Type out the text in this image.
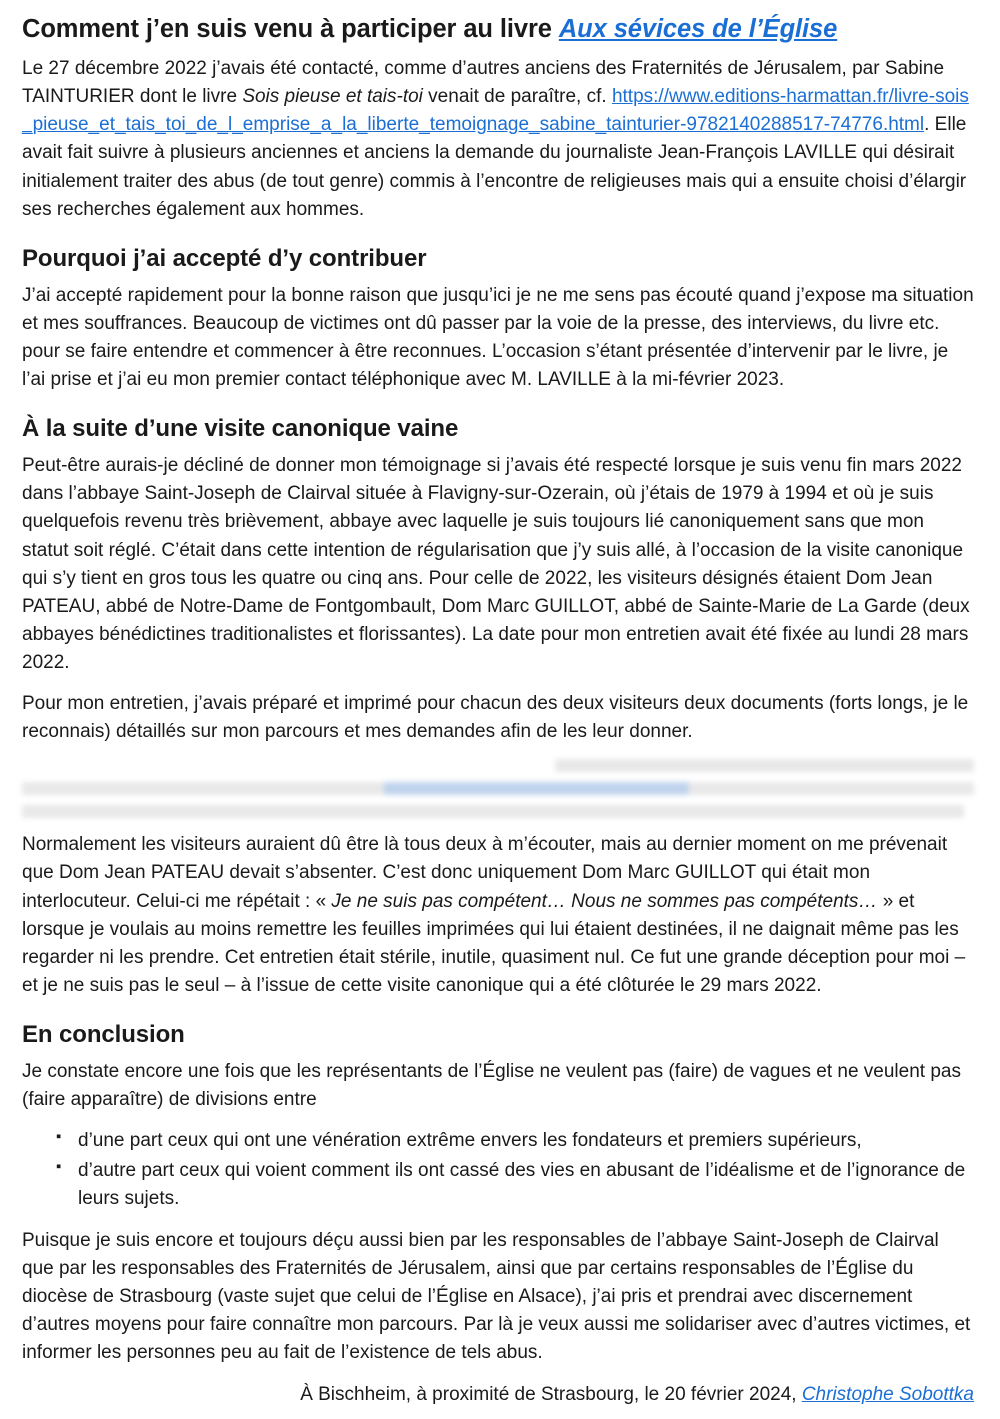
Comment j’en suis venu à participer au livre Aux sévices de l’Église

Le 27 décembre 2022 j’avais été contacté, comme d’autres anciens des Fraternités de Jérusalem, par Sabine TAINTURIER dont le livre Sois pieuse et tais-toi venait de paraître, cf. https://www.editions-harmattan.fr/livre-sois_pieuse_et_tais_toi_de_l_emprise_a_la_liberte_temoignage_sabine_tainturier-9782140288517-74776.html. Elle avait fait suivre à plusieurs anciennes et anciens la demande du journaliste Jean-François LAVILLE qui désirait initialement traiter des abus (de tout genre) commis à l’encontre de religieuses mais qui a ensuite choisi d’élargir ses recherches également aux hommes.

Pourquoi j’ai accepté d’y contribuer

J’ai accepté rapidement pour la bonne raison que jusqu’ici je ne me sens pas écouté quand j’expose ma situation et mes souffrances. Beaucoup de victimes ont dû passer par la voie de la presse, des interviews, du livre etc. pour se faire entendre et commencer à être reconnues. L’occasion s’étant présentée d’intervenir par le livre, je l’ai prise et j’ai eu mon premier contact téléphonique avec M. LAVILLE à la mi-février 2023.

À la suite d’une visite canonique vaine

Peut-être aurais-je décliné de donner mon témoignage si j’avais été respecté lorsque je suis venu fin mars 2022 dans l’abbaye Saint-Joseph de Clairval située à Flavigny-sur-Ozerain, où j’étais de 1979 à 1994 et où je suis quelquefois revenu très brièvement, abbaye avec laquelle je suis toujours lié canoniquement sans que mon statut soit réglé. C’était dans cette intention de régularisation que j’y suis allé, à l’occasion de la visite canonique qui s’y tient en gros tous les quatre ou cinq ans. Pour celle de 2022, les visiteurs désignés étaient Dom Jean PATEAU, abbé de Notre-Dame de Fontgombault, Dom Marc GUILLOT, abbé de Sainte-Marie de La Garde (deux abbayes bénédictines traditionalistes et florissantes). La date pour mon entretien avait été fixée au lundi 28 mars 2022.

Pour mon entretien, j’avais préparé et imprimé pour chacun des deux visiteurs deux documents (forts longs, je le reconnais) détaillés sur mon parcours et mes demandes afin de les leur donner.

Normalement les visiteurs auraient dû être là tous deux à m’écouter, mais au dernier moment on me prévenait que Dom Jean PATEAU devait s’absenter. C’est donc uniquement Dom Marc GUILLOT qui était mon interlocuteur. Celui-ci me répétait : « Je ne suis pas compétent… Nous ne sommes pas compétents… » et lorsque je voulais au moins remettre les feuilles imprimées qui lui étaient destinées, il ne daignait même pas les regarder ni les prendre. Cet entretien était stérile, inutile, quasiment nul. Ce fut une grande déception pour moi – et je ne suis pas le seul – à l’issue de cette visite canonique qui a été clôturée le 29 mars 2022.

En conclusion

Je constate encore une fois que les représentants de l’Église ne veulent pas (faire) de vagues et ne veulent pas (faire apparaître) de divisions entre

▪ d’une part ceux qui ont une vénération extrême envers les fondateurs et premiers supérieurs,
▪ d’autre part ceux qui voient comment ils ont cassé des vies en abusant de l’idéalisme et de l’ignorance de leurs sujets.

Puisque je suis encore et toujours déçu aussi bien par les responsables de l’abbaye Saint-Joseph de Clairval que par les responsables des Fraternités de Jérusalem, ainsi que par certains responsables de l’Église du diocèse de Strasbourg (vaste sujet que celui de l’Église en Alsace), j’ai pris et prendrai avec discernement d’autres moyens pour faire connaître mon parcours. Par là je veux aussi me solidariser avec d’autres victimes, et informer les personnes peu au fait de l’existence de tels abus.

À Bischheim, à proximité de Strasbourg, le 20 février 2024, Christophe Sobottka
